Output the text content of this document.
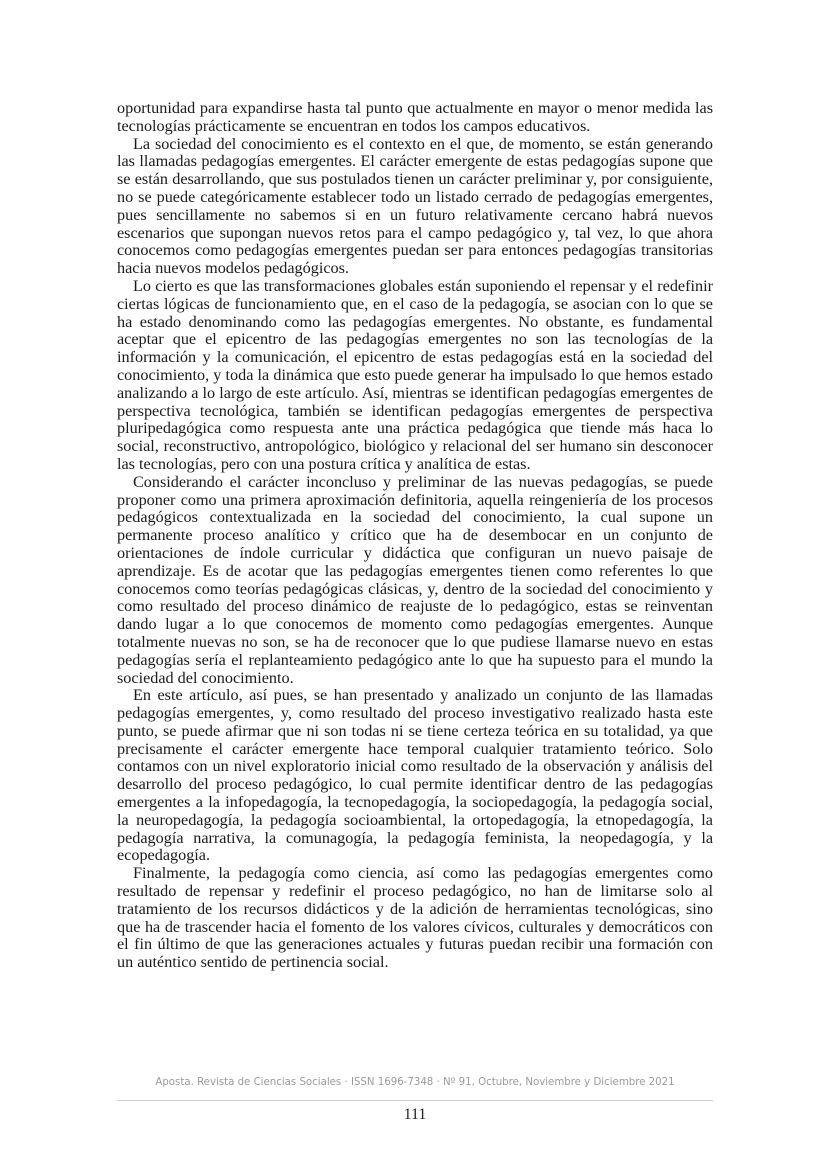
oportunidad para expandirse hasta tal punto que actualmente en mayor o menor medida las tecnologías prácticamente se encuentran en todos los campos educativos.

La sociedad del conocimiento es el contexto en el que, de momento, se están generando las llamadas pedagogías emergentes. El carácter emergente de estas pedagogías supone que se están desarrollando, que sus postulados tienen un carácter preliminar y, por consiguiente, no se puede categóricamente establecer todo un listado cerrado de pedagogías emergentes, pues sencillamente no sabemos si en un futuro relativamente cercano habrá nuevos escenarios que supongan nuevos retos para el campo pedagógico y, tal vez, lo que ahora conocemos como pedagogías emergentes puedan ser para entonces pedagogías transitorias hacia nuevos modelos pedagógicos.

Lo cierto es que las transformaciones globales están suponiendo el repensar y el redefinir ciertas lógicas de funcionamiento que, en el caso de la pedagogía, se asocian con lo que se ha estado denominando como las pedagogías emergentes. No obstante, es fundamental aceptar que el epicentro de las pedagogías emergentes no son las tecnologías de la información y la comunicación, el epicentro de estas pedagogías está en la sociedad del conocimiento, y toda la dinámica que esto puede generar ha impulsado lo que hemos estado analizando a lo largo de este artículo. Así, mientras se identifican pedagogías emergentes de perspectiva tecnológica, también se identifican pedagogías emergentes de perspectiva pluripedagógica como respuesta ante una práctica pedagógica que tiende más haca lo social, reconstructivo, antropológico, biológico y relacional del ser humano sin desconocer las tecnologías, pero con una postura crítica y analítica de estas.

Considerando el carácter inconcluso y preliminar de las nuevas pedagogías, se puede proponer como una primera aproximación definitoria, aquella reingeniería de los procesos pedagógicos contextualizada en la sociedad del conocimiento, la cual supone un permanente proceso analítico y crítico que ha de desembocar en un conjunto de orientaciones de índole curricular y didáctica que configuran un nuevo paisaje de aprendizaje. Es de acotar que las pedagogías emergentes tienen como referentes lo que conocemos como teorías pedagógicas clásicas, y, dentro de la sociedad del conocimiento y como resultado del proceso dinámico de reajuste de lo pedagógico, estas se reinventan dando lugar a lo que conocemos de momento como pedagogías emergentes. Aunque totalmente nuevas no son, se ha de reconocer que lo que pudiese llamarse nuevo en estas pedagogías sería el replanteamiento pedagógico ante lo que ha supuesto para el mundo la sociedad del conocimiento.

En este artículo, así pues, se han presentado y analizado un conjunto de las llamadas pedagogías emergentes, y, como resultado del proceso investigativo realizado hasta este punto, se puede afirmar que ni son todas ni se tiene certeza teórica en su totalidad, ya que precisamente el carácter emergente hace temporal cualquier tratamiento teórico. Solo contamos con un nivel exploratorio inicial como resultado de la observación y análisis del desarrollo del proceso pedagógico, lo cual permite identificar dentro de las pedagogías emergentes a la infopedagogía, la tecnopedagogía, la sociopedagogía, la pedagogía social, la neuropedagogía, la pedagogía socioambiental, la ortopedagogía, la etnopedagogía, la pedagogía narrativa, la comunagogía, la pedagogía feminista, la neopedagogía, y la ecopedagogía.

Finalmente, la pedagogía como ciencia, así como las pedagogías emergentes como resultado de repensar y redefinir el proceso pedagógico, no han de limitarse solo al tratamiento de los recursos didácticos y de la adición de herramientas tecnológicas, sino que ha de trascender hacia el fomento de los valores cívicos, culturales y democráticos con el fin último de que las generaciones actuales y futuras puedan recibir una formación con un auténtico sentido de pertinencia social.

Aposta. Revista de Ciencias Sociales · ISSN 1696-7348 · Nº 91, Octubre, Noviembre y Diciembre 2021
111
